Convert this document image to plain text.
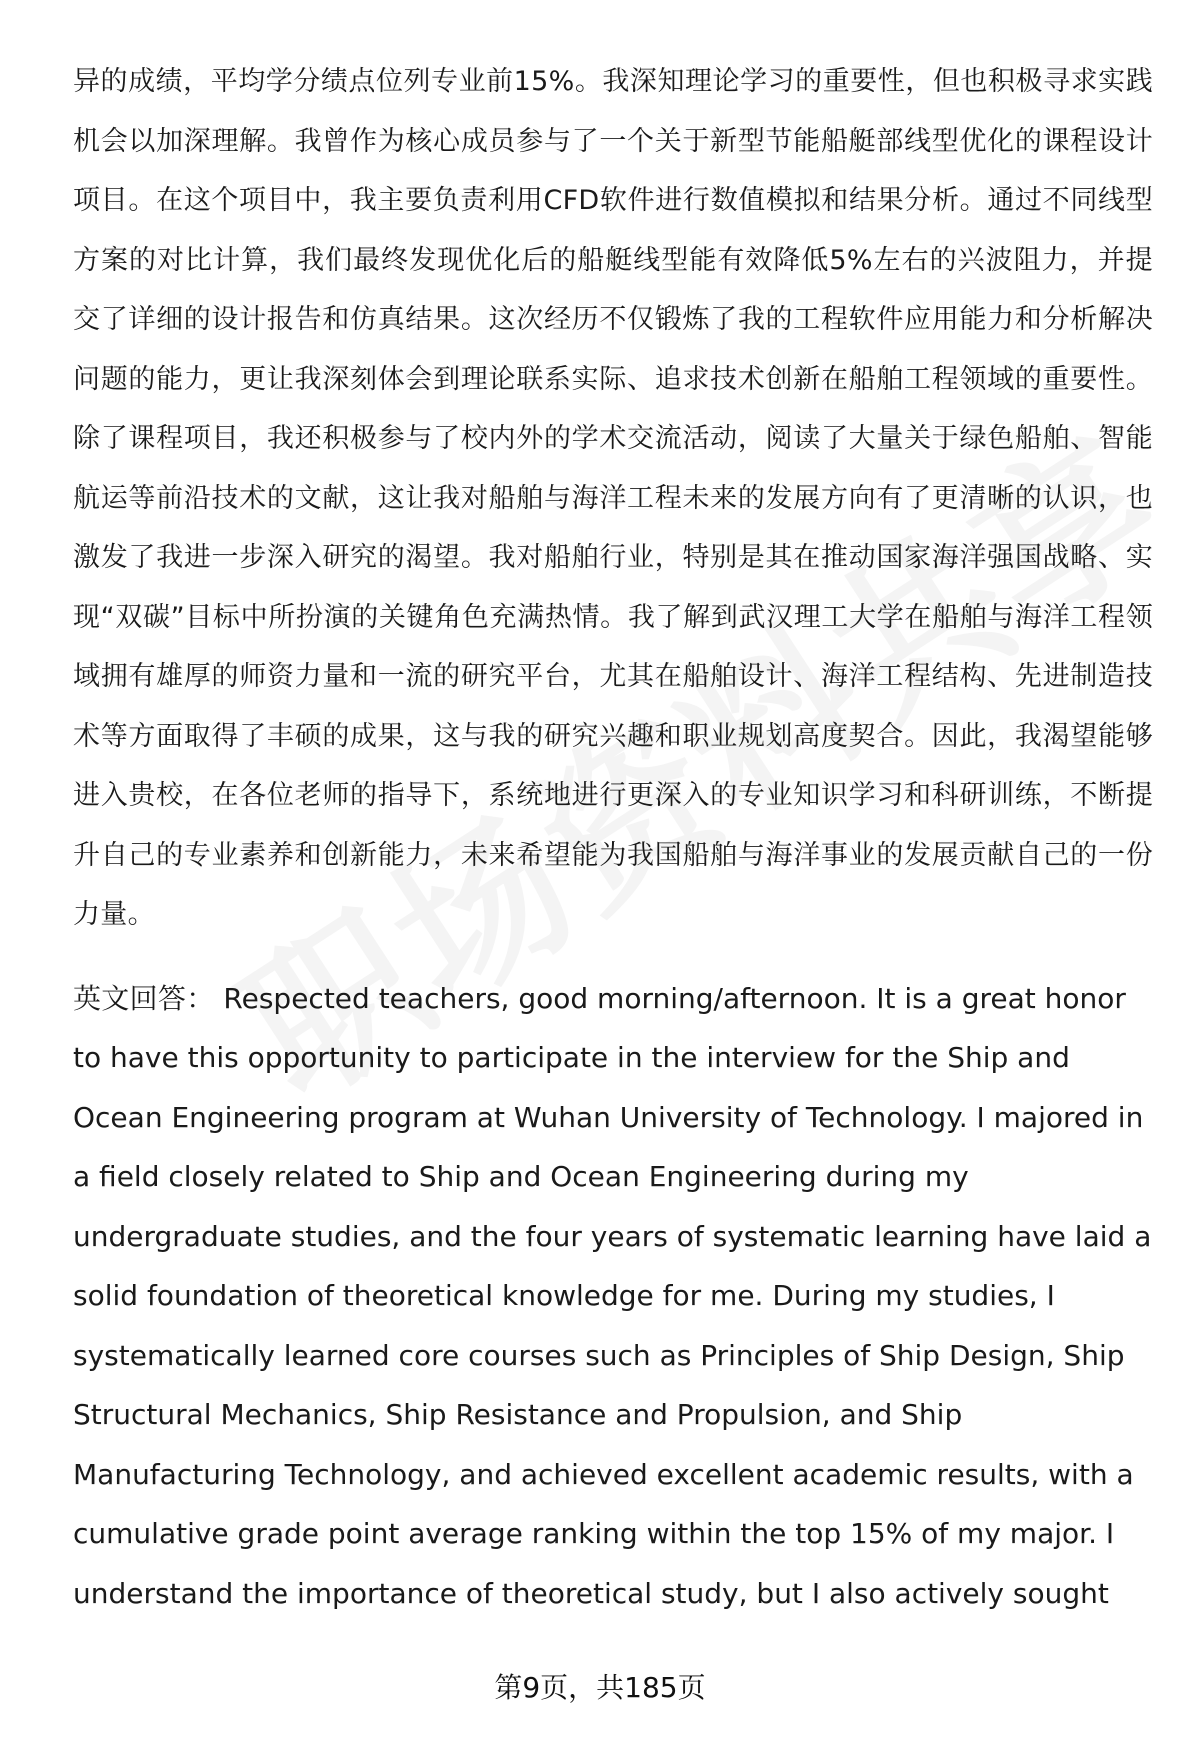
异的成绩，平均学分绩点位列专业前15%。我深知理论学习的重要性，但也积极寻求实践机会以加深理解。我曾作为核心成员参与了一个关于新型节能船艇部线型优化的课程设计项目。在这个项目中，我主要负责利用CFD软件进行数值模拟和结果分析。通过不同线型方案的对比计算，我们最终发现优化后的船艇线型能有效降低5%左右的兴波阻力，并提交了详细的设计报告和仿真结果。这次经历不仅锻炼了我的工程软件应用能力和分析解决问题的能力，更让我深刻体会到理论联系实际、追求技术创新在船舶工程领域的重要性。除了课程项目，我还积极参与了校内外的学术交流活动，阅读了大量关于绿色船舶、智能航运等前沿技术的文献，这让我对船舶与海洋工程未来的发展方向有了更清晰的认识，也激发了我进一步深入研究的渴望。我对船舶行业，特别是其在推动国家海洋强国战略、实现“双碳”目标中所扮演的关键角色充满热情。我了解到武汉理工大学在船舶与海洋工程领域拥有雄厚的师资力量和一流的研究平台，尤其在船舶设计、海洋工程结构、先进制造技术等方面取得了丰硕的成果，这与我的研究兴趣和职业规划高度契合。因此，我渴望能够进入贵校，在各位老师的指导下，系统地进行更深入的专业知识学习和科研训练，不断提升自己的专业素养和创新能力，未来希望能为我国船舶与海洋事业的发展贡献自己的一份力量。

英文回答： Respected teachers, good morning/afternoon. It is a great honor to have this opportunity to participate in the interview for the Ship and Ocean Engineering program at Wuhan University of Technology. I majored in a field closely related to Ship and Ocean Engineering during my undergraduate studies, and the four years of systematic learning have laid a solid foundation of theoretical knowledge for me. During my studies, I systematically learned core courses such as Principles of Ship Design, Ship Structural Mechanics, Ship Resistance and Propulsion, and Ship Manufacturing Technology, and achieved excellent academic results, with a cumulative grade point average ranking within the top 15% of my major. I understand the importance of theoretical study, but I also actively sought

第9页，共185页
